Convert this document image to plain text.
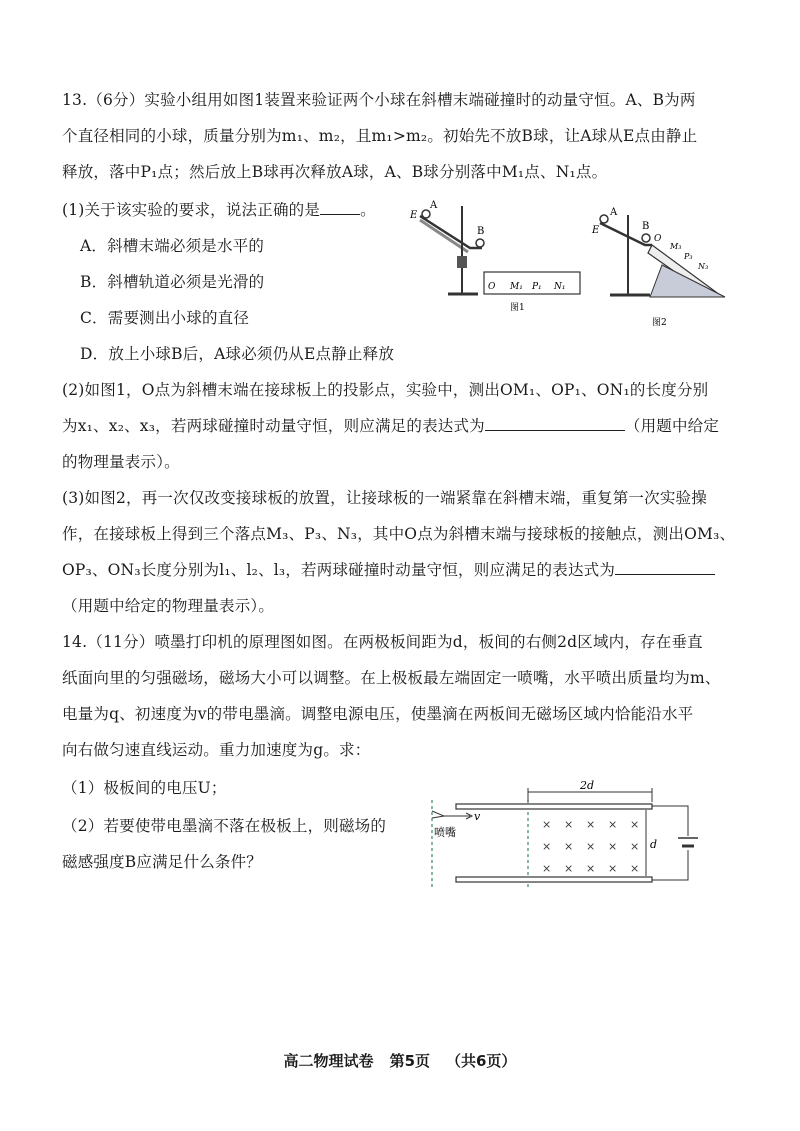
13.（6分）实验小组用如图1装置来验证两个小球在斜槽末端碰撞时的动量守恒。A、B为两
个直径相同的小球，质量分别为m₁、m₂，且m₁>m₂。初始先不放B球，让A球从E点由静止
释放，落中P₁点；然后放上B球再次释放A球，A、B球分别落中M₁点、N₁点。
(1)关于该实验的要求，说法正确的是	。
A．斜槽末端必须是水平的
B．斜槽轨道必须是光滑的
C．需要测出小球的直径
D．放上小球B后，A球必须仍从E点静止释放
(2)如图1，O点为斜槽末端在接球板上的投影点，实验中，测出OM₁、OP₁、ON₁的长度分别
为x₁、x₂、x₃，若两球碰撞时动量守恒，则应满足的表达式为	（用题中给定
的物理量表示）。
(3)如图2，再一次仅改变接球板的放置，让接球板的一端紧靠在斜槽末端，重复第一次实验操
作，在接球板上得到三个落点M₃、P₃、N₃，其中O点为斜槽末端与接球板的接触点，测出OM₃、
OP₃、ON₃长度分别为l₁、l₂、l₃，若两球碰撞时动量守恒，则应满足的表达式为
（用题中给定的物理量表示）。
E
A
B
O M₁ P₁ N₁
图1
E
A
B
O
M₃
P₃
N₃
图2
14.（11分）喷墨打印机的原理图如图。在两极板间距为d，板间的右侧2d区域内，存在垂直
纸面向里的匀强磁场，磁场大小可以调整。在上极板最左端固定一喷嘴，水平喷出质量均为m、
电量为q、初速度为v的带电墨滴。调整电源电压，使墨滴在两板间无磁场区域内恰能沿水平
向右做匀速直线运动。重力加速度为g。求：
（1）极板间的电压U；
（2）若要使带电墨滴不落在极板上，则磁场的
磁感强度B应满足什么条件？
2d
d
v
喷嘴
× × × × ×
× × × × ×
× × × × ×
高二物理试卷 第5页 （共6页）
